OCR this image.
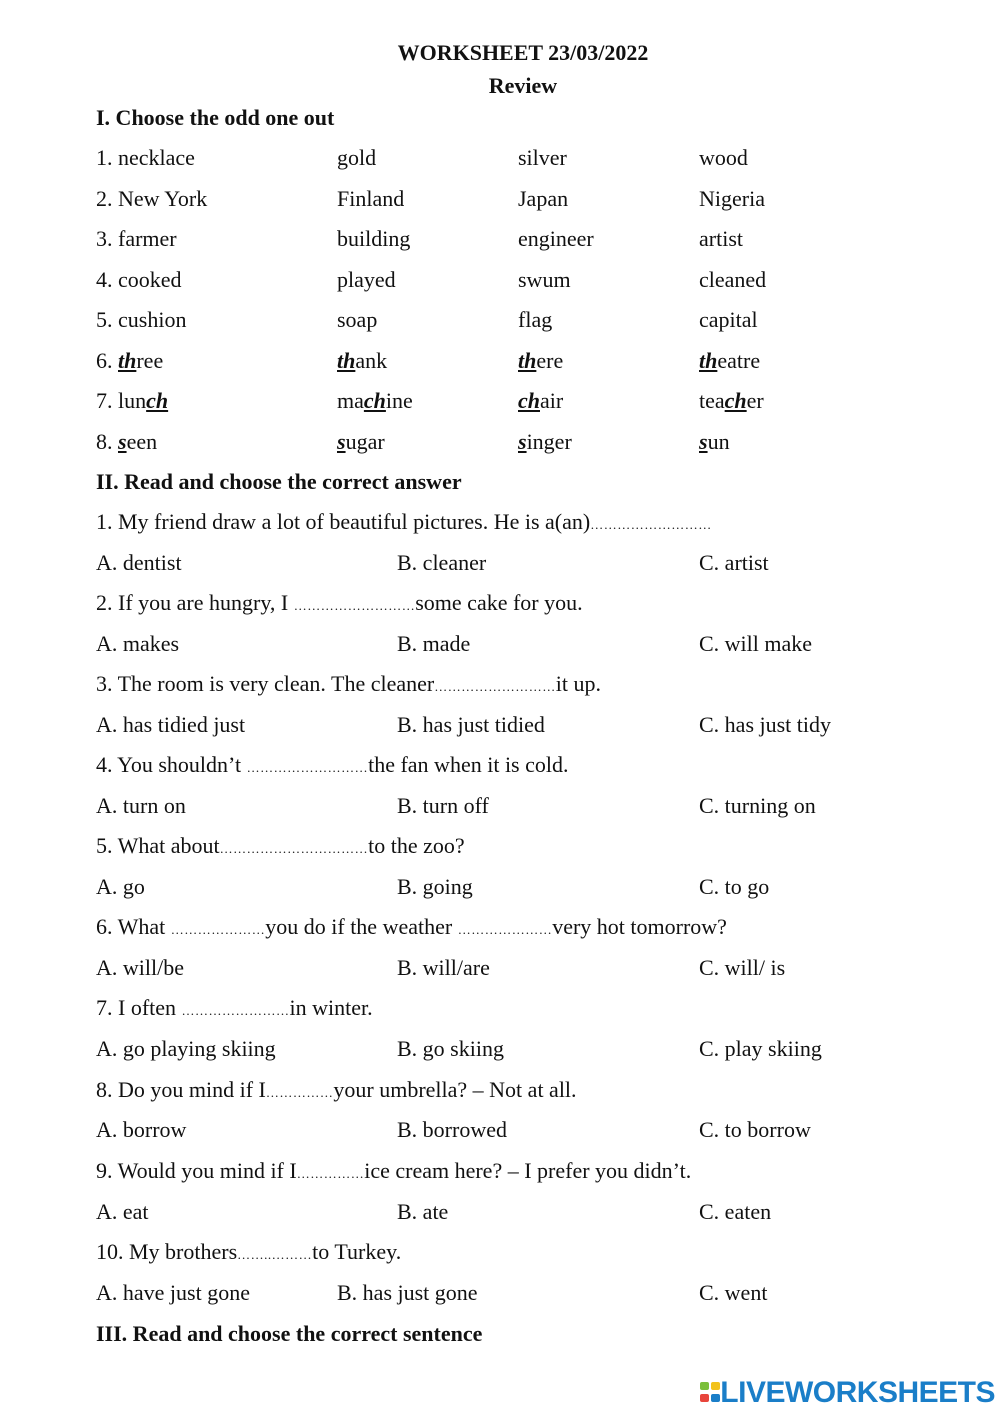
WORKSHEET 23/03/2022
Review
I. Choose the odd one out
1. necklace	gold	silver	wood
2. New York	Finland	Japan	Nigeria
3. farmer	building	engineer	artist
4. cooked	played	swum	cleaned
5. cushion	soap	flag	capital
6. three	thank	there	theatre
7. lunch	machine	chair	teacher
8. seen	sugar	singer	sun
II. Read and choose the correct answer
1. My friend draw a lot of beautiful pictures. He is a(an)………………………
A. dentist	B. cleaner	C. artist
2. If you are hungry, I ………………………some cake for you.
A. makes	B. made	C. will make
3. The room is very clean. The cleaner………………………it up.
A. has tidied just	B. has just tidied	C. has just tidy
4. You shouldn’t ………………………the fan when it is cold.
A. turn on	B. turn off	C. turning on
5. What about……………………………to the zoo?
A. go	B. going	C. to go
6. What …………………you do if the weather …………………very hot tomorrow?
A. will/be	B. will/are	C. will/ is
7. I often ……………………in winter.
A. go playing skiing	B. go skiing	C. play skiing
8. Do you mind if I……………your umbrella? – Not at all.
A. borrow	B. borrowed	C. to borrow
9. Would you mind if I……………ice cream here? – I prefer you didn’t.
A. eat	B. ate	C. eaten
10. My brothers……..………to Turkey.
A. have just gone	B. has just gone	C. went
III. Read and choose the correct sentence
LIVEWORKSHEETS
